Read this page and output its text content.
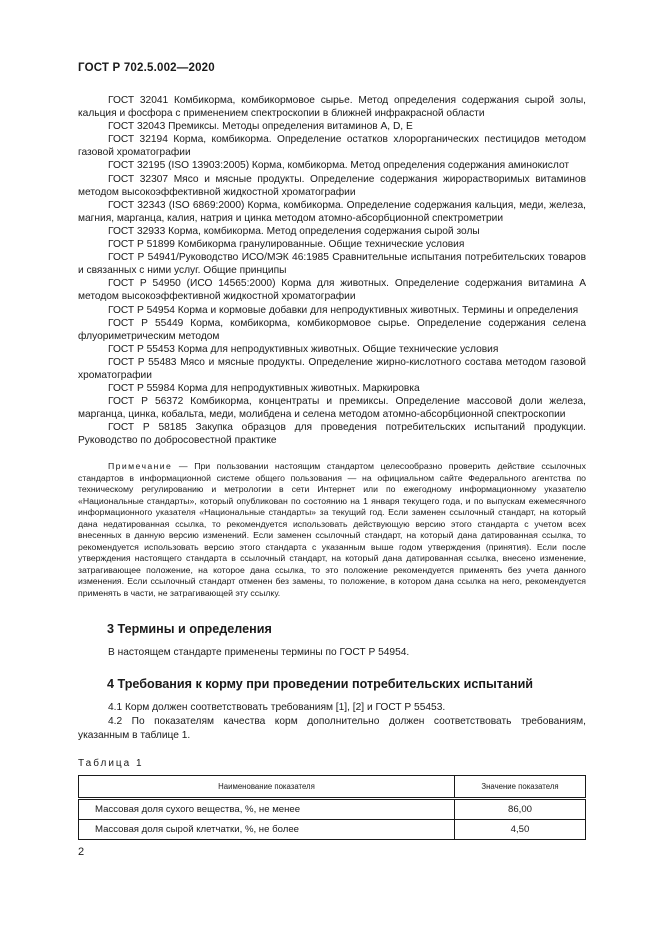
ГОСТ Р 702.5.002—2020

ГОСТ 32041 Комбикорма, комбикормовое сырье. Метод определения содержания сырой золы, кальция и фосфора с применением спектроскопии в ближней инфракрасной области

ГОСТ 32043 Премиксы. Методы определения витаминов А, D, Е

ГОСТ 32194 Корма, комбикорма. Определение остатков хлорорганических пестицидов методом газовой хроматографии

ГОСТ 32195 (ISO 13903:2005) Корма, комбикорма. Метод определения содержания аминокислот

ГОСТ 32307 Мясо и мясные продукты. Определение содержания жирорастворимых витаминов методом высокоэффективной жидкостной хроматографии

ГОСТ 32343 (ISO 6869:2000) Корма, комбикорма. Определение содержания кальция, меди, железа, магния, марганца, калия, натрия и цинка методом атомно-абсорбционной спектрометрии

ГОСТ 32933 Корма, комбикорма. Метод определения содержания сырой золы

ГОСТ Р 51899 Комбикорма гранулированные. Общие технические условия

ГОСТ Р 54941/Руководство ИСО/МЭК 46:1985 Сравнительные испытания потребительских товаров и связанных с ними услуг. Общие принципы

ГОСТ Р 54950 (ИСО 14565:2000) Корма для животных. Определение содержания витамина А методом высокоэффективной жидкостной хроматографии

ГОСТ Р 54954 Корма и кормовые добавки для непродуктивных животных. Термины и определения

ГОСТ Р 55449 Корма, комбикорма, комбикормовое сырье. Определение содержания селена флуориметрическим методом

ГОСТ Р 55453 Корма для непродуктивных животных. Общие технические условия

ГОСТ Р 55483 Мясо и мясные продукты. Определение жирно-кислотного состава методом газовой хроматографии

ГОСТ Р 55984 Корма для непродуктивных животных. Маркировка

ГОСТ Р 56372 Комбикорма, концентраты и премиксы. Определение массовой доли железа, марганца, цинка, кобальта, меди, молибдена и селена методом атомно-абсорбционной спектроскопии

ГОСТ Р 58185 Закупка образцов для проведения потребительских испытаний продукции. Руководство по добросовестной практике

Примечание — При пользовании настоящим стандартом целесообразно проверить действие ссылочных стандартов в информационной системе общего пользования — на официальном сайте Федерального агентства по техническому регулированию и метрологии в сети Интернет или по ежегодному информационному указателю «Национальные стандарты», который опубликован по состоянию на 1 января текущего года, и по выпускам ежемесячного информационного указателя «Национальные стандарты» за текущий год. Если заменен ссылочный стандарт, на который дана недатированная ссылка, то рекомендуется использовать действующую версию этого стандарта с учетом всех внесенных в данную версию изменений. Если заменен ссылочный стандарт, на который дана датированная ссылка, то рекомендуется использовать версию этого стандарта с указанным выше годом утверждения (принятия). Если после утверждения настоящего стандарта в ссылочный стандарт, на который дана датированная ссылка, внесено изменение, затрагивающее положение, на которое дана ссылка, то это положение рекомендуется применять без учета данного изменения. Если ссылочный стандарт отменен без замены, то положение, в котором дана ссылка на него, рекомендуется применять в части, не затрагивающей эту ссылку.

3 Термины и определения

В настоящем стандарте применены термины по ГОСТ Р 54954.

4 Требования к корму при проведении потребительских испытаний

4.1 Корм должен соответствовать требованиям [1], [2] и ГОСТ Р 55453.

4.2 По показателям качества корм дополнительно должен соответствовать требованиям, указанным в таблице 1.

Таблица 1
Наименование показателя	Значение показателя
Массовая доля сухого вещества, %, не менее	86,00
Массовая доля сырой клетчатки, %, не более	4,50
2
